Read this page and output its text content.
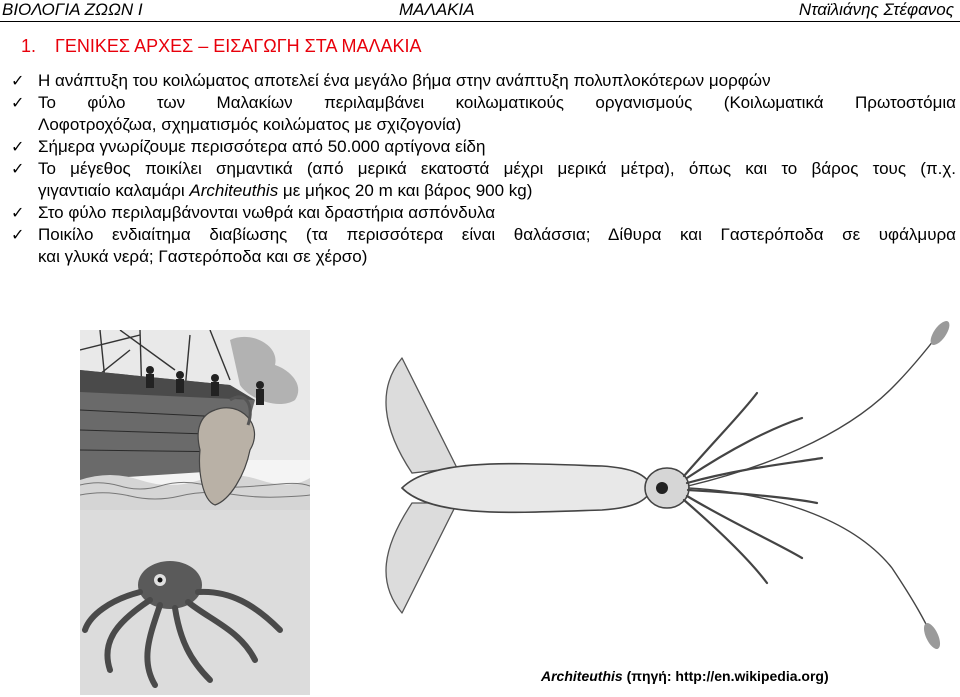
ΒΙΟΛΟΓΙΑ ΖΩΩΝ Ι	ΜΑΛΑΚΙΑ	Νταϊλιάνης Στέφανος
1. ΓΕΝΙΚΕΣ ΑΡΧΕΣ – ΕΙΣΑΓΩΓΗ ΣΤΑ ΜΑΛΑΚΙΑ
✓ Η ανάπτυξη του κοιλώματος αποτελεί ένα μεγάλο βήμα στην ανάπτυξη πολυπλοκότερων μορφών
✓ Το φύλο των Μαλακίων περιλαμβάνει κοιλωματικούς οργανισμούς (Κοιλωματικά Πρωτοστόμια
Λοφοτροχόζωα, σχηματισμός κοιλώματος με σχιζογονία)
✓ Σήμερα γνωρίζουμε περισσότερα από 50.000 αρτίγονα είδη
✓ Το μέγεθος ποικίλει σημαντικά (από μερικά εκατοστά μέχρι μερικά μέτρα), όπως και το βάρος τους (π.χ.
γιγαντιαίο καλαμάρι Architeuthis με μήκος 20 m και βάρος 900 kg)
✓ Στο φύλο περιλαμβάνονται νωθρά και δραστήρια ασπόνδυλα
✓ Ποικίλο ενδιαίτημα διαβίωσης (τα περισσότερα είναι θαλάσσια; Δίθυρα και Γαστερόποδα σε υφάλμυρα
και γλυκά νερά; Γαστερόποδα και σε χέρσο)
Architeuthis (πηγή: http://en.wikipedia.org)
